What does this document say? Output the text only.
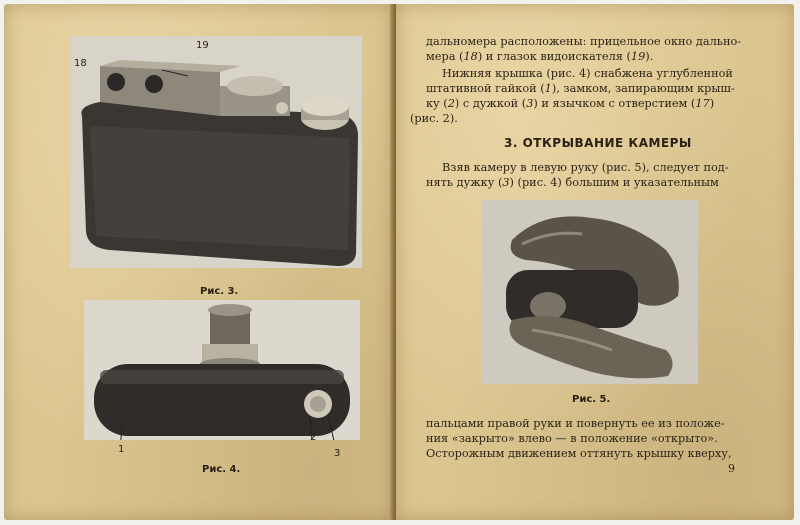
18
19
Рис. 3.
1
2
3
Рис. 4.

дальномера расположены: прицельное окно дально-
мера (18) и глазок видоискателя (19).

Нижняя крышка (рис. 4) снабжена углубленной
штативной гайкой (1), замком, запирающим крыш-
ку (2) с дужкой (3) и язычком с отверстием (17)
(рис. 2).

3. ОТКРЫВАНИЕ КАМЕРЫ

Взяв камеру в левую руку (рис. 5), следует под-
нять дужку (3) (рис. 4) большим и указательным

Рис. 5.

пальцами правой руки и повернуть ее из положе-
ния «закрыто» влево — в положение «открыто».
Осторожным движением оттянуть крышку кверху,

9
